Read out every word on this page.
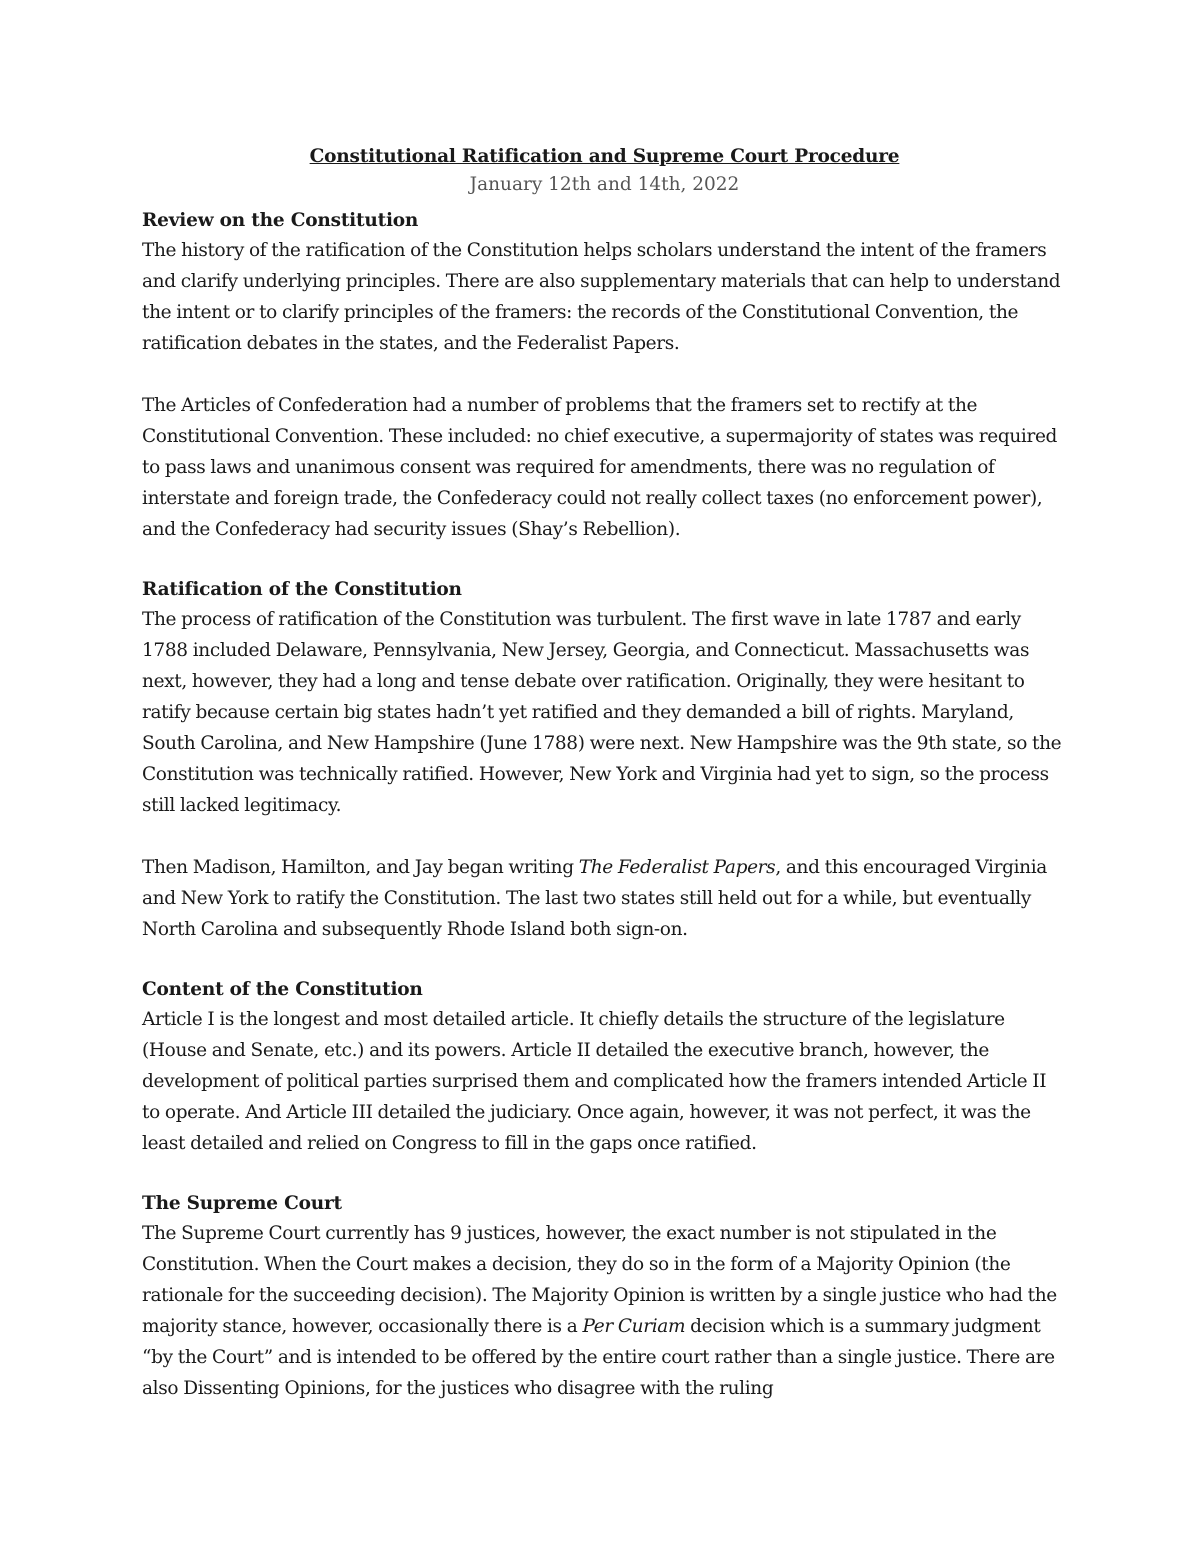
Constitutional Ratification and Supreme Court Procedure

January 12th and 14th, 2022

Review on the Constitution

The history of the ratification of the Constitution helps scholars understand the intent of the framers and clarify underlying principles. There are also supplementary materials that can help to understand the intent or to clarify principles of the framers: the records of the Constitutional Convention, the ratification debates in the states, and the Federalist Papers.

The Articles of Confederation had a number of problems that the framers set to rectify at the Constitutional Convention. These included: no chief executive, a supermajority of states was required to pass laws and unanimous consent was required for amendments, there was no regulation of interstate and foreign trade, the Confederacy could not really collect taxes (no enforcement power), and the Confederacy had security issues (Shay’s Rebellion).

Ratification of the Constitution

The process of ratification of the Constitution was turbulent. The first wave in late 1787 and early 1788 included Delaware, Pennsylvania, New Jersey, Georgia, and Connecticut. Massachusetts was next, however, they had a long and tense debate over ratification. Originally, they were hesitant to ratify because certain big states hadn’t yet ratified and they demanded a bill of rights. Maryland, South Carolina, and New Hampshire (June 1788) were next. New Hampshire was the 9th state, so the Constitution was technically ratified. However, New York and Virginia had yet to sign, so the process still lacked legitimacy.

Then Madison, Hamilton, and Jay began writing The Federalist Papers, and this encouraged Virginia and New York to ratify the Constitution. The last two states still held out for a while, but eventually North Carolina and subsequently Rhode Island both sign-on.

Content of the Constitution

Article I is the longest and most detailed article. It chiefly details the structure of the legislature (House and Senate, etc.) and its powers. Article II detailed the executive branch, however, the development of political parties surprised them and complicated how the framers intended Article II to operate. And Article III detailed the judiciary. Once again, however, it was not perfect, it was the least detailed and relied on Congress to fill in the gaps once ratified.

The Supreme Court

The Supreme Court currently has 9 justices, however, the exact number is not stipulated in the Constitution. When the Court makes a decision, they do so in the form of a Majority Opinion (the rationale for the succeeding decision). The Majority Opinion is written by a single justice who had the majority stance, however, occasionally there is a Per Curiam decision which is a summary judgment “by the Court” and is intended to be offered by the entire court rather than a single justice. There are also Dissenting Opinions, for the justices who disagree with the ruling
